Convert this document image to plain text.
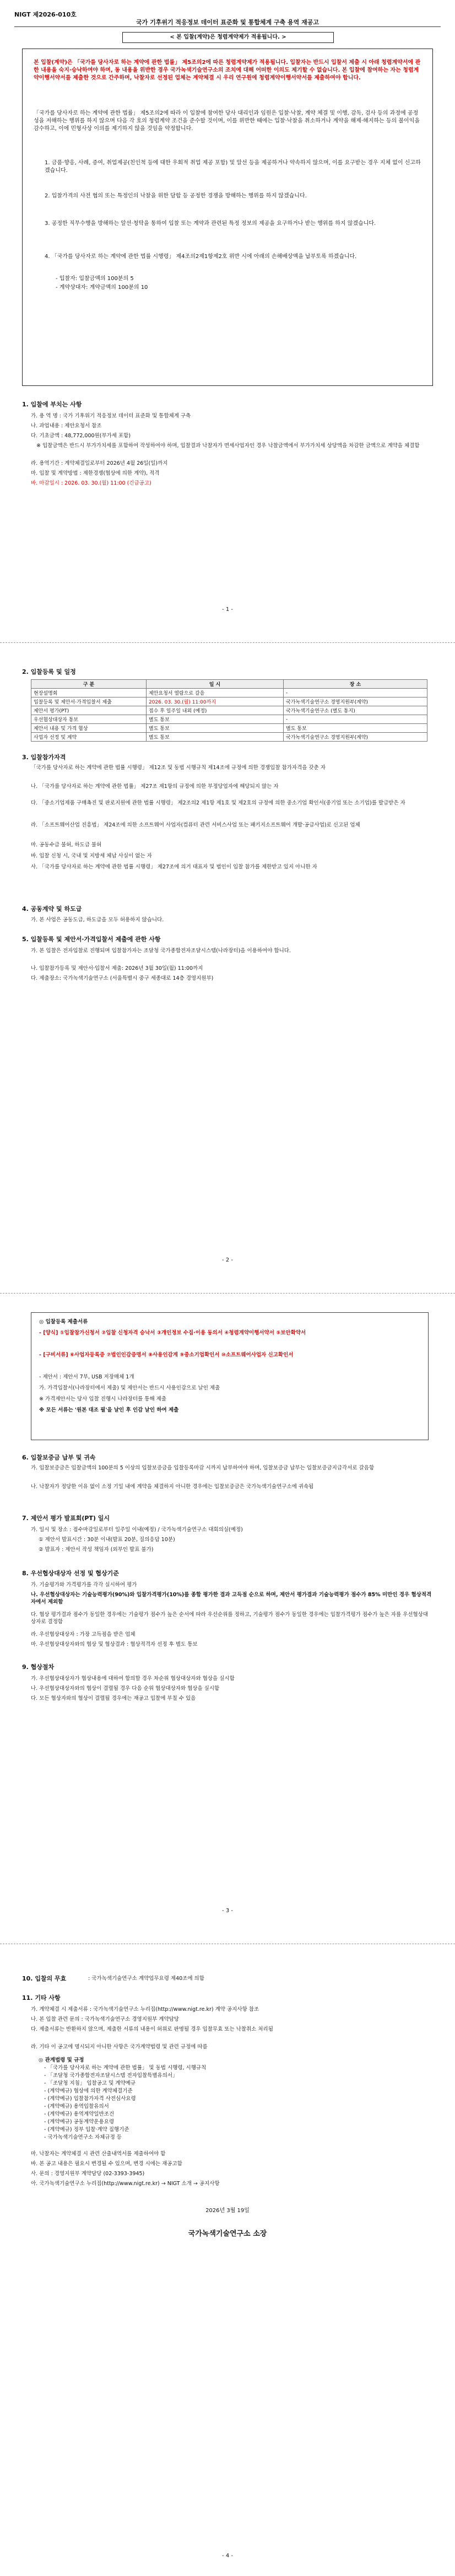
NIGT 제2026-010호
국가 기후위기 적응정보 데이터 표준화 및 통합체계 구축 용역 재공고
< 본 입찰(계약)은 청렴계약제가 적용됩니다. >
본 입찰(계약)은 「국가를 당사자로 하는 계약에 관한 법률」 제5조의2에 따른 청렴계약제가 적용됩니다. 입찰자는 반드시 입찰서 제출 시 아래 청렴계약서에 관한 내용을 숙지·승낙하여야 하며, 동 내용을 위반한 경우 국가녹색기술연구소의 조치에 대해 어떠한 이의도 제기할 수 없습니다. 본 입찰에 참여하는 자는 청렴계약이행서약서를 제출한 것으로 간주하며, 낙찰자로 선정된 업체는 계약체결 시 우리 연구원에 청렴계약이행서약서를 제출하여야 합니다.
「국가를 당사자로 하는 계약에 관한 법률」 제5조의2에 따라 이 입찰에 참여한 당사 대리인과 임원은 입찰·낙찰, 계약 체결 및 이행, 감독, 검사 등의 과정에 공정성을 저해하는 행위를 하지 않으며 다음 각 호의 청렴계약 조건을 준수할 것이며, 이를 위반한 때에는 입찰·낙찰을 취소하거나 계약을 해제·해지하는 등의 불이익을 감수하고, 이에 민형사상 이의를 제기하지 않을 것임을 약정합니다.
1. 금품·향응, 사례, 증여, 취업제공(친인척 등에 대한 우회적 취업 제공 포함) 및 알선 등을 제공하거나 약속하지 않으며, 이를 요구받는 경우 지체 없이 신고하겠습니다.
2. 입찰가격의 사전 협의 또는 특정인의 낙찰을 위한 담합 등 공정한 경쟁을 방해하는 행위를 하지 않겠습니다.
3. 공정한 직무수행을 방해하는 알선·청탁을 통하여 입찰 또는 계약과 관련된 특정 정보의 제공을 요구하거나 받는 행위를 하지 않겠습니다.
4. 「국가를 당사자로 하는 계약에 관한 법률 시행령」 제4조의2제1항제2호 위반 시에 아래의 손해배상액을 납부토록 하겠습니다.
- 입찰자: 입찰금액의 100분의 5
- 계약상대자: 계약금액의 100분의 10
1. 입찰에 부치는 사항
가. 용 역 명 : 국가 기후위기 적응정보 데이터 표준화 및 통합체계 구축
나. 과업내용 : 제안요청서 참조
다. 기초금액 : 48,772,000원(부가세 포함)
※ 입찰금액은 반드시 부가가치세를 포함하여 작성하여야 하며, 입찰결과 낙찰자가 면세사업자인 경우 낙찰금액에서 부가가치세 상당액을 차감한 금액으로 계약을 체결함
라. 용역기간 : 계약체결일로부터 2026년 4월 26일(일)까지
마. 입찰 및 계약방법 : 제한경쟁(협상에 의한 계약), 적격
바. 마감일시 : 2026. 03. 30.(월) 11:00 (긴급공고)
- 1 -
2. 입찰등록 및 일정
구 분	일 시	장 소
현장설명회	제안요청서 열람으로 갈음	-
입찰등록 및 제안서·가격입찰서 제출	2026. 03. 30.(월) 11:00까지	국가녹색기술연구소 경영지원부(계약)
제안서 평가(PT)	접수 후 일주일 내외 (예정)	국가녹색기술연구소 (별도 통지)
우선협상대상자 통보	별도 통보	-
제안서 내용 및 가격 협상	별도 통보	별도 통보
사업자 선정 및 계약	별도 통보	국가녹색기술연구소 경영지원부(계약)
3. 입찰참가자격
「국가를 당사자로 하는 계약에 관한 법률 시행령」 제12조 및 동법 시행규칙 제14조에 규정에 의한 경쟁입찰 참가자격을 갖춘 자
나. 「국가를 당사자로 하는 계약에 관한 법률」 제27조 제1항의 규정에 의한 부정당업자에 해당되지 않는 자
다. 「중소기업제품 구매촉진 및 판로지원에 관한 법률 시행령」 제2조의2 제1항 제1호 및 제2호의 규정에 의한 중소기업 확인서(중기업 또는 소기업)를 발급받은 자
라. 「소프트웨어산업 진흥법」 제24조에 의한 소프트웨어 사업자(컴퓨터 관련 서비스사업 또는 패키지소프트웨어 개발·공급사업)로 신고된 업체
마. 공동수급 불허, 하도급 불허
바. 입찰 신청 시, 국내 및 지방세 체납 사실이 없는 자
사. 「국가를 당사자로 하는 계약에 관한 법률 시행령」 제27조에 의거 대표자 및 법인이 입찰 참가를 제한받고 있지 아니한 자
4. 공동계약 및 하도급
가. 본 사업은 공동도급, 하도급을 모두 허용하지 않습니다.
5. 입찰등록 및 제안서·가격입찰서 제출에 관한 사항
가. 본 입찰은 전자입찰로 진행되며 입찰참가자는 조달청 국가종합전자조달시스템(나라장터)을 이용하여야 합니다.
나. 입찰참가등록 및 제안서·입찰서 제출: 2026년 3월 30일(월) 11:00까지
다. 제출장소: 국가녹색기술연구소 (서울특별시 중구 세종대로 14층 경영지원부)
- 2 -
◎ 입찰등록 제출서류
- [양식] ①입찰참가신청서 ②입찰 신청자격 승낙서 ③개인정보 수집·이용 동의서 ④청렴계약이행서약서 ⑤보안확약서
- [구비서류] ⑥사업자등록증 ⑦법인인감증명서 ⑧사용인감계 ⑨중소기업확인서 ⑩소프트웨어사업자 신고확인서
- 제안서 : 제안서 7부, USB 저장매체 1개
가. 가격입찰서(나라장터에서 제출) 및 제안서는 반드시 사용인감으로 날인 제출
※ 가격제안서는 당사 입찰 진행시 나라장터를 통해 제출
※ 모든 서류는 '원본 대조 필'을 날인 후 인감 날인 하여 제출
6. 입찰보증금 납부 및 귀속
가. 입찰보증금은 입찰금액의 100분의 5 이상의 입찰보증금을 입찰등록마감 시까지 납부하여야 하며, 입찰보증금 납부는 입찰보증금지급각서로 갈음함
나. 낙찰자가 정당한 이유 없이 소정 기일 내에 계약을 체결하지 아니한 경우에는 입찰보증금은 국가녹색기술연구소에 귀속됨
7. 제안서 평가 발표회(PT) 일시
가. 일시 및 장소 : 접수마감일로부터 일주일 이내(예정) / 국가녹색기술연구소 대회의실(예정)
① 제안서 발표시간 : 30분 이내(발표 20분, 질의응답 10분)
② 발표자 : 제안서 작성 책임자 (외부인 발표 불가)
8. 우선협상대상자 선정 및 협상기준
가. 기술평가와 가격평가를 각각 실시하여 평가
나. 우선협상대상자는 기술능력평가(90%)와 입찰가격평가(10%)를 종합 평가한 결과 고득점 순으로 하며, 제안서 평가결과 기술능력평가 점수가 85% 미만인 경우 협상적격자에서 제외함
다. 협상 평가결과 점수가 동일한 경우에는 기술평가 점수가 높은 순서에 따라 우선순위를 정하고, 기술평가 점수가 동일한 경우에는 입찰가격평가 점수가 높은 자를 우선협상대상자로 결정함
라. 우선협상대상자 : 가장 고득점을 받은 업체
마. 우선협상대상자와의 협상 및 협상결과 : 협상적격자 선정 후 별도 통보
9. 협상절차
가. 우선협상대상자가 협상내용에 대하여 합의할 경우 차순위 협상대상자와 협상을 실시함
나. 우선협상대상자와의 협상이 결렬될 경우 다음 순위 협상대상자와 협상을 실시함
다. 모든 협상자와의 협상이 결렬될 경우에는 재공고 입찰에 부칠 수 있음
- 3 -
10. 입찰의 무효	: 국가녹색기술연구소 계약업무요령 제40조에 의함
11. 기타 사항
가. 계약체결 시 제출서류 : 국가녹색기술연구소 누리집(http://www.nigt.re.kr) 계약 공지사항 참조
나. 본 입찰 관련 문의 : 국가녹색기술연구소 경영지원부 계약담당
다. 제출서류는 반환하지 않으며, 제출한 서류의 내용이 허위로 판명될 경우 입찰무효 또는 낙찰취소 처리됨
라. 기타 이 공고에 명시되지 아니한 사항은 국가계약법령 및 관련 규정에 따름
◎ 관계법령 및 규정
- 「국가를 당사자로 하는 계약에 관한 법률」 및 동법 시행령, 시행규칙
- 「조달청 국가종합전자조달시스템 전자입찰특별유의서」
- 「조달청 지침」 입찰공고 및 계약예규
- (계약예규) 협상에 의한 계약체결기준
- (계약예규) 입찰참가자격 사전심사요령
- (계약예규) 용역입찰유의서
- (계약예규) 용역계약일반조건
- (계약예규) 공동계약운용요령
- (계약예규) 정부 입찰·계약 집행기준
- 국가녹색기술연구소 자체규정 등
마. 낙찰자는 계약체결 시 관련 산출내역서를 제출하여야 함
바. 본 공고 내용은 필요시 변경될 수 있으며, 변경 시에는 재공고함
사. 문의 : 경영지원부 계약담당 (02-3393-3945)
아. 국가녹색기술연구소 누리집(http://www.nigt.re.kr) → NIGT 소개 → 공지사항
2026년 3월 19일
국가녹색기술연구소 소장
- 4 -
